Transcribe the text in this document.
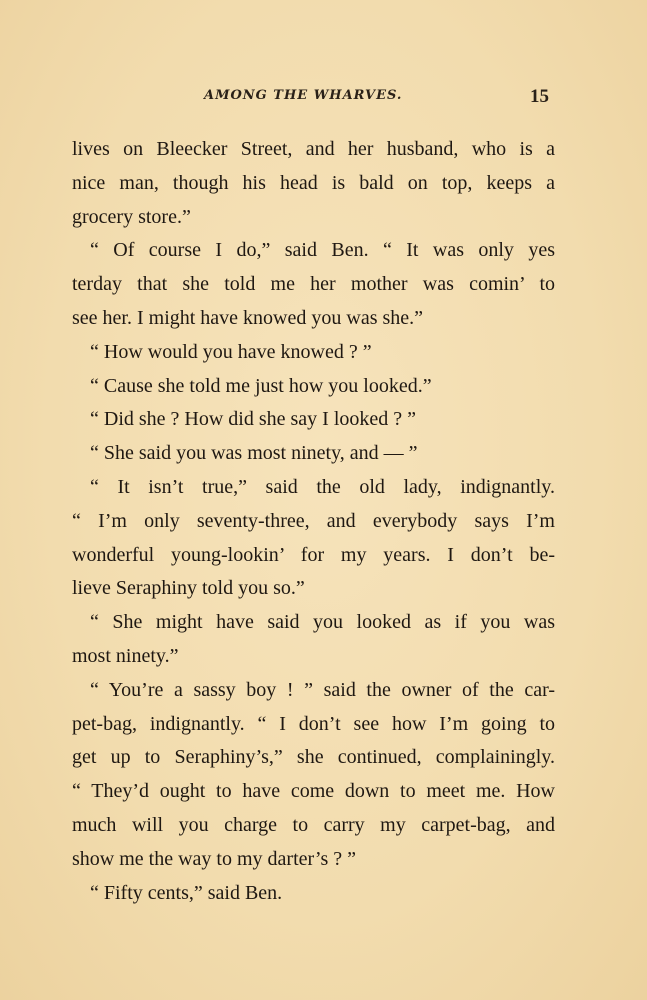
AMONG THE WHARVES.	15
lives on Bleecker Street, and her husband, who is a
nice man, though his head is bald on top, keeps a
grocery store.”
“ Of course I do,” said Ben. “ It was only yes
terday that she told me her mother was comin’ to
see her. I might have knowed you was she.”
“ How would you have knowed ? ”
“ Cause she told me just how you looked.”
“ Did she ? How did she say I looked ? ”
“ She said you was most ninety, and — ”
“ It isn’t true,” said the old lady, indignantly.
“ I’m only seventy-three, and everybody says I’m
wonderful young-lookin’ for my years. I don’t be-
lieve Seraphiny told you so.”
“ She might have said you looked as if you was
most ninety.”
“ You’re a sassy boy ! ” said the owner of the car-
pet-bag, indignantly. “ I don’t see how I’m going to
get up to Seraphiny’s,” she continued, complainingly.
“ They’d ought to have come down to meet me. How
much will you charge to carry my carpet-bag, and
show me the way to my darter’s ? ”
“ Fifty cents,” said Ben.
